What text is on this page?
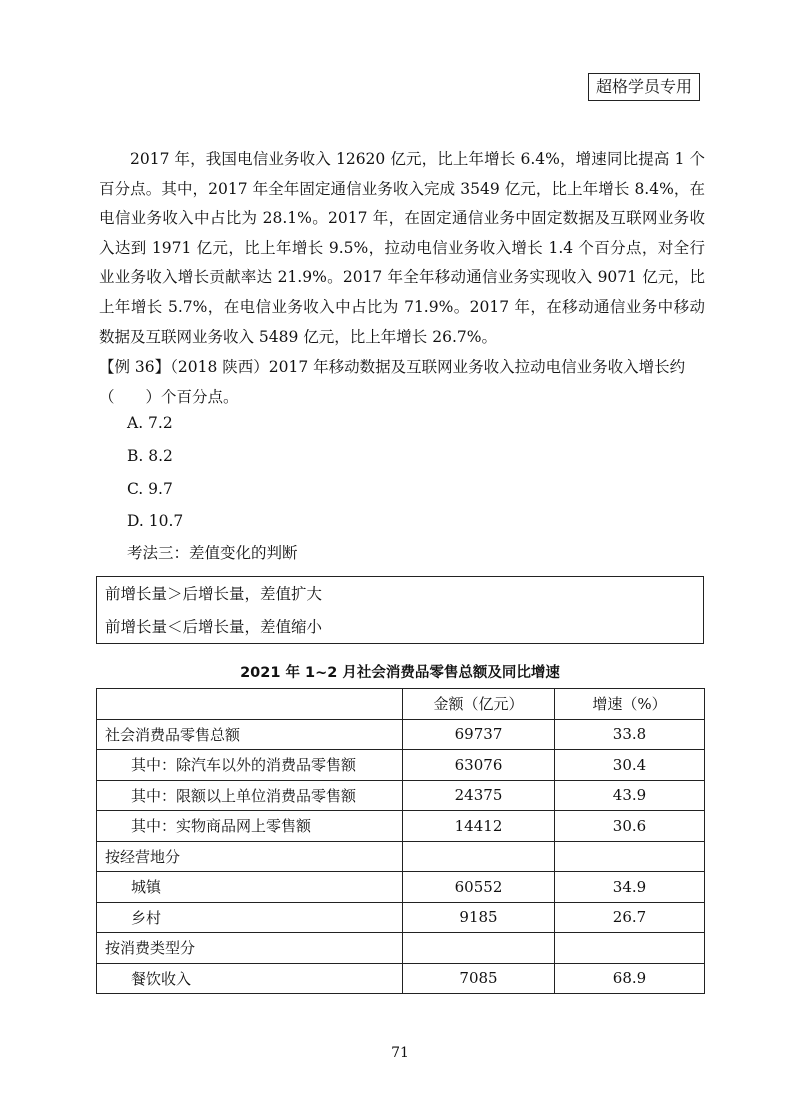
超格学员专用

2017 年，我国电信业务收入 12620 亿元，比上年增长 6.4%，增速同比提高 1 个百分点。其中，2017 年全年固定通信业务收入完成 3549 亿元，比上年增长 8.4%，在电信业务收入中占比为 28.1%。2017 年，在固定通信业务中固定数据及互联网业务收入达到 1971 亿元，比上年增长 9.5%，拉动电信业务收入增长 1.4 个百分点，对全行业业务收入增长贡献率达 21.9%。2017 年全年移动通信业务实现收入 9071 亿元，比上年增长 5.7%，在电信业务收入中占比为 71.9%。2017 年，在移动通信业务中移动数据及互联网业务收入 5489 亿元，比上年增长 26.7%。

【例 36】（2018 陕西）2017 年移动数据及互联网业务收入拉动电信业务收入增长约
（　　）个百分点。
A. 7.2
B. 8.2
C. 9.7
D. 10.7
考法三：差值变化的判断
前增长量＞后增长量，差值扩大
前增长量＜后增长量，差值缩小
2021 年 1~2 月社会消费品零售总额及同比增速
	金额（亿元）	增速（%）
社会消费品零售总额	69737	33.8
其中：除汽车以外的消费品零售额	63076	30.4
其中：限额以上单位消费品零售额	24375	43.9
其中：实物商品网上零售额	14412	30.6
按经营地分		
城镇	60552	34.9
乡村	9185	26.7
按消费类型分		
餐饮收入	7085	68.9
71
